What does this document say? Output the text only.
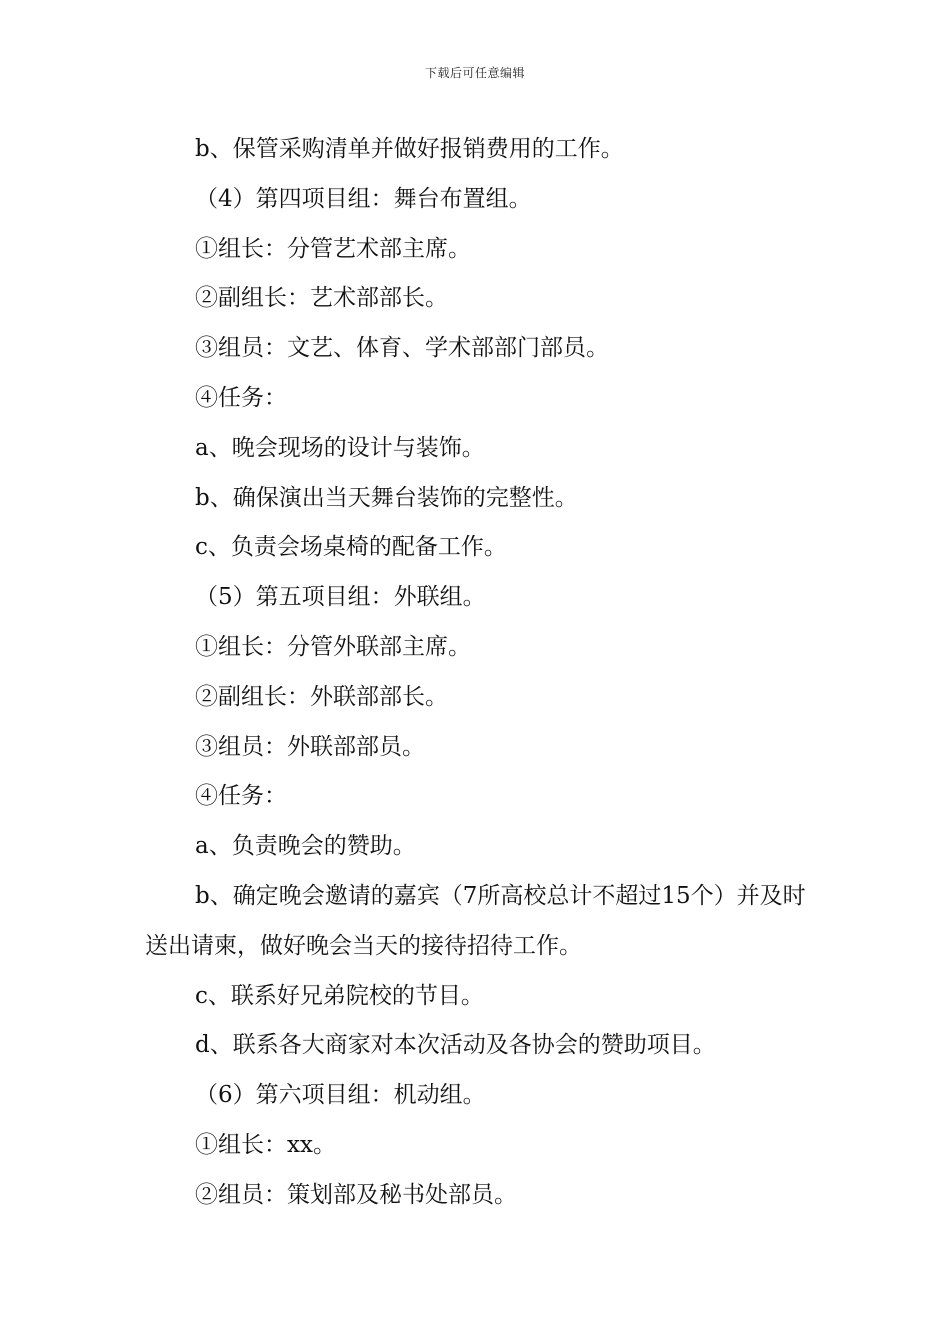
下载后可任意编辑

b、保管采购清单并做好报销费用的工作。

（4）第四项目组：舞台布置组。

①组长：分管艺术部主席。

②副组长：艺术部部长。

③组员：文艺、体育、学术部部门部员。

④任务：

a、晚会现场的设计与装饰。

b、确保演出当天舞台装饰的完整性。

c、负责会场桌椅的配备工作。

（5）第五项目组：外联组。

①组长：分管外联部主席。

②副组长：外联部部长。

③组员：外联部部员。

④任务：

a、负责晚会的赞助。

b、确定晚会邀请的嘉宾（7所高校总计不超过15个）并及时送出请柬，做好晚会当天的接待招待工作。

c、联系好兄弟院校的节目。

d、联系各大商家对本次活动及各协会的赞助项目。

（6）第六项目组：机动组。

①组长：xx。

②组员：策划部及秘书处部员。
